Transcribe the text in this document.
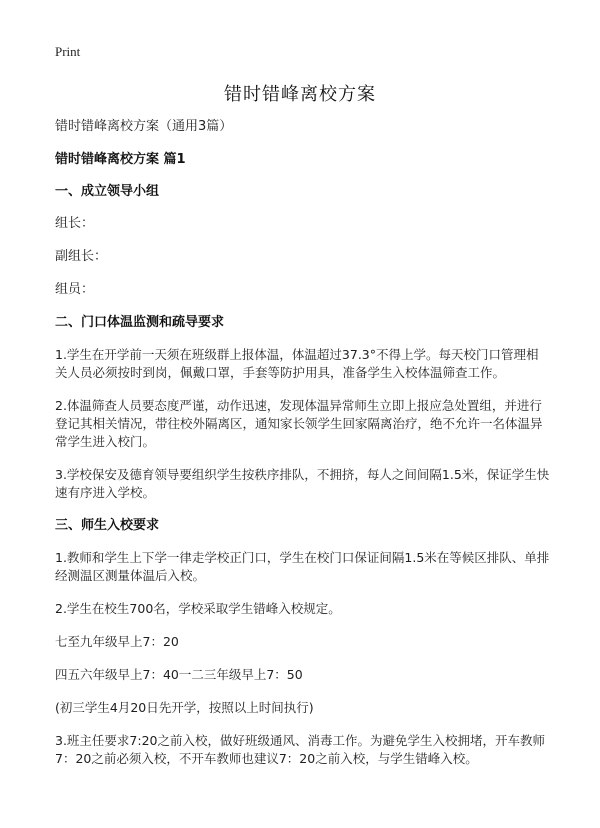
Print
错时错峰离校方案

错时错峰离校方案（通用3篇）

错时错峰离校方案 篇1

一、成立领导小组

组长：

副组长：

组员：

二、门口体温监测和疏导要求

1.学生在开学前一天须在班级群上报体温，体温超过37.3°不得上学。每天校门口管理相关人员必须按时到岗，佩戴口罩，手套等防护用具，准备学生入校体温筛查工作。

2.体温筛查人员要态度严谨，动作迅速，发现体温异常师生立即上报应急处置组，并进行登记其相关情况，带往校外隔离区，通知家长领学生回家隔离治疗，绝不允许一名体温异常学生进入校门。

3.学校保安及德育领导要组织学生按秩序排队，不拥挤，每人之间间隔1.5米，保证学生快速有序进入学校。

三、师生入校要求

1.教师和学生上下学一律走学校正门口，学生在校门口保证间隔1.5米在等候区排队、单排经测温区测量体温后入校。

2.学生在校生700名，学校采取学生错峰入校规定。

七至九年级早上7：20

四五六年级早上7：40一二三年级早上7：50

(初三学生4月20日先开学，按照以上时间执行)

3.班主任要求7:20之前入校，做好班级通风、消毒工作。为避免学生入校拥堵，开车教师7：20之前必须入校，不开车教师也建议7：20之前入校，与学生错峰入校。
